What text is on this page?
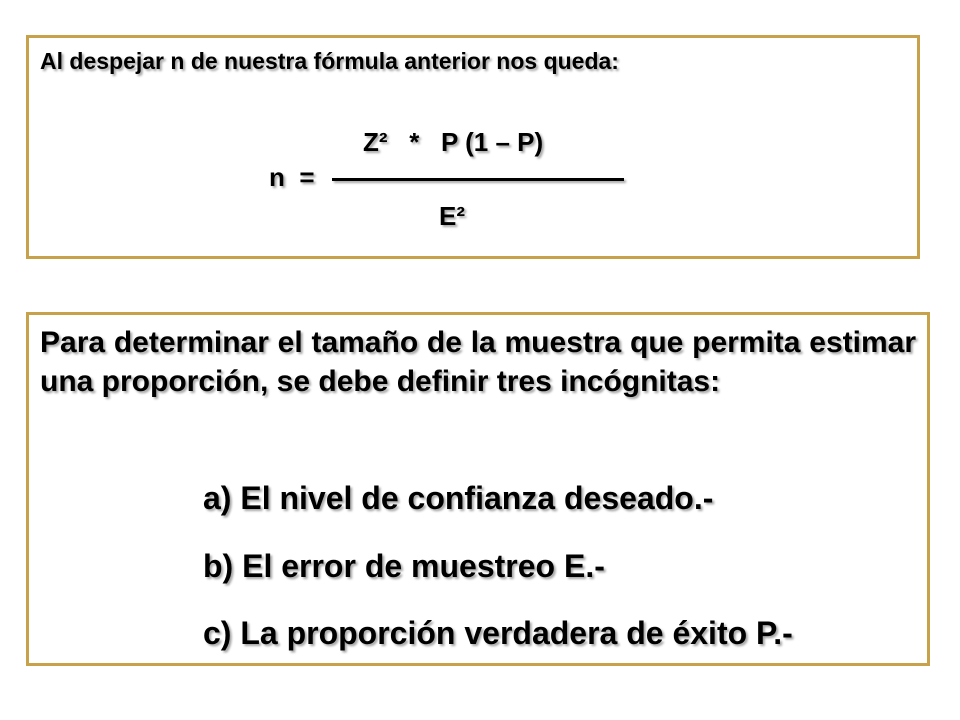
Al despejar n de nuestra fórmula anterior nos queda:
Z²   *   P (1 – P)
n  =
E²
Para determinar el tamaño de la muestra que permita estimar una proporción, se debe definir tres incógnitas:
a) El nivel de confianza deseado.-
b) El error de muestreo E.-
c) La proporción verdadera de éxito P.-
